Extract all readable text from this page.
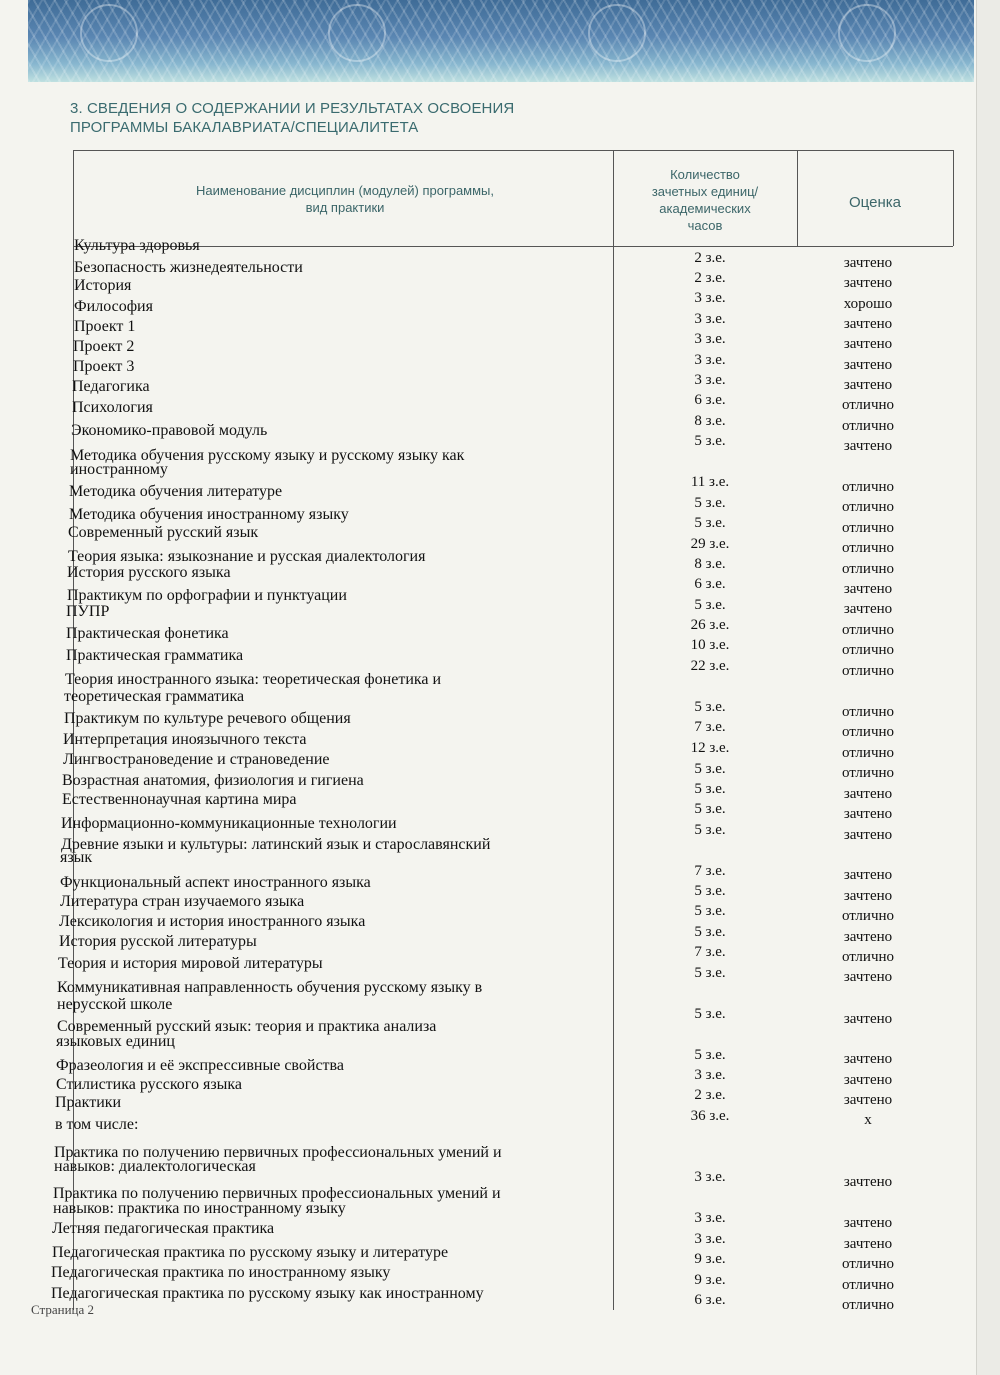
3. СВЕДЕНИЯ О СОДЕРЖАНИИ И РЕЗУЛЬТАТАХ ОСВОЕНИЯ
ПРОГРАММЫ БАКАЛАВРИАТА/СПЕЦИАЛИТЕТА
Наименование дисциплин (модулей) программы,
вид практики
Количество
зачетных единиц/
академических
часов
Оценка
Культура здоровья
Безопасность жизнедеятельности
История
Философия
Проект 1
Проект 2
Проект 3
Педагогика
Психология
Экономико-правовой модуль
Методика обучения русскому языку и русскому языку как
иностранному
Методика обучения литературе
Методика обучения иностранному языку
Современный русский язык
Теория языка: языкознание и русская диалектология
История русского языка
Практикум по орфографии и пунктуации
ПУПР
Практическая фонетика
Практическая грамматика
Теория иностранного языка: теоретическая фонетика и
теоретическая грамматика
Практикум по культуре речевого общения
Интерпретация иноязычного текста
Лингвострановедение и страноведение
Возрастная анатомия, физиология и гигиена
Естественнонаучная картина мира
Информационно-коммуникационные технологии
Древние языки и культуры: латинский язык и старославянский
язык
Функциональный аспект иностранного языка
Литература стран изучаемого языка
Лексикология и история иностранного языка
История русской литературы
Теория и история мировой литературы
Коммуникативная направленность обучения русскому языку в
нерусской школе
Современный русский язык: теория и практика анализа
языковых единиц
Фразеология и её экспрессивные свойства
Стилистика русского языка
Практики
в том числе:
Практика по получению первичных профессиональных умений и
навыков: диалектологическая
Практика по получению первичных профессиональных умений и
навыков: практика по иностранному языку
Летняя педагогическая практика
Педагогическая практика по русскому языку и литературе
Педагогическая практика по иностранному языку
Педагогическая практика по русскому языку как иностранному
2 з.е.
2 з.е.
3 з.е.
3 з.е.
3 з.е.
3 з.е.
3 з.е.
6 з.е.
8 з.е.
5 з.е.
11 з.е.
5 з.е.
5 з.е.
29 з.е.
8 з.е.
6 з.е.
5 з.е.
26 з.е.
10 з.е.
22 з.е.
5 з.е.
7 з.е.
12 з.е.
5 з.е.
5 з.е.
5 з.е.
5 з.е.
7 з.е.
5 з.е.
5 з.е.
5 з.е.
7 з.е.
5 з.е.
5 з.е.
5 з.е.
3 з.е.
2 з.е.
36 з.е.
3 з.е.
3 з.е.
3 з.е.
9 з.е.
9 з.е.
6 з.е.
зачтено
зачтено
хорошо
зачтено
зачтено
зачтено
зачтено
отлично
отлично
зачтено
отлично
отлично
отлично
отлично
отлично
зачтено
зачтено
отлично
отлично
отлично
отлично
отлично
отлично
отлично
зачтено
зачтено
зачтено
зачтено
зачтено
отлично
зачтено
отлично
зачтено
зачтено
зачтено
зачтено
зачтено
х
зачтено
зачтено
зачтено
отлично
отлично
отлично
Страница 2
